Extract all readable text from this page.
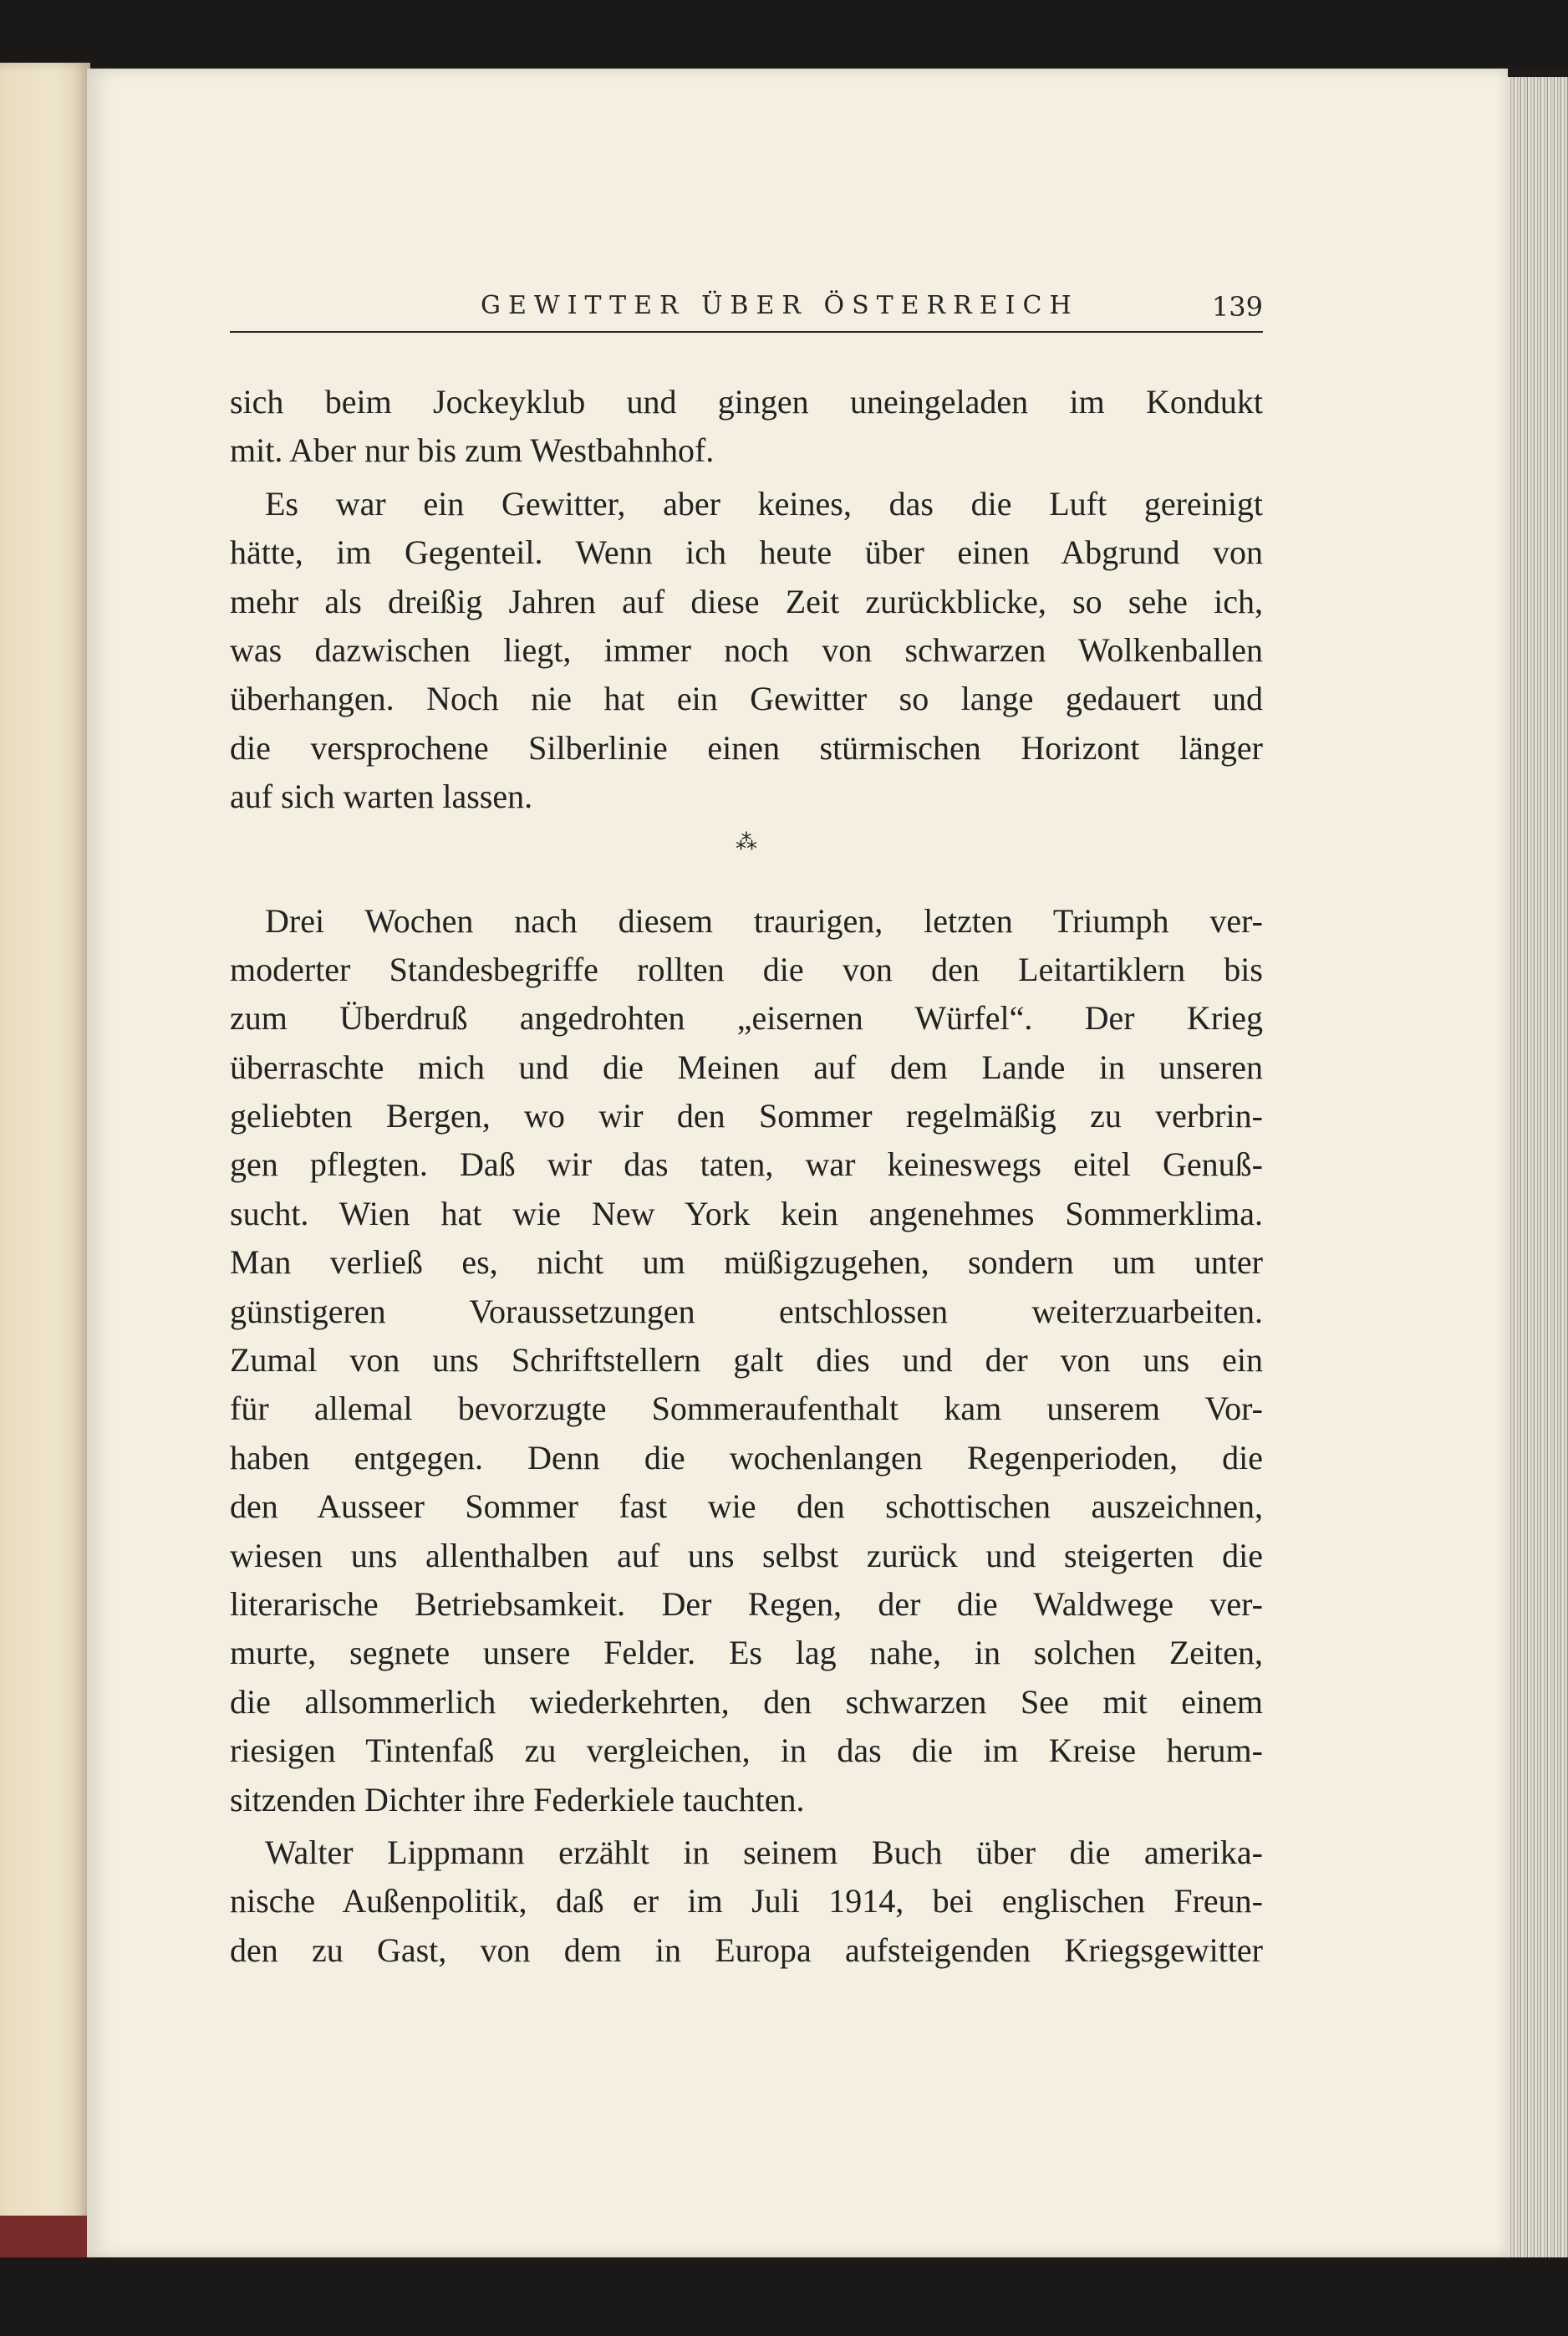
GEWITTER ÜBER ÖSTERREICH	139
sich beim Jockeyklub und gingen uneingeladen im Kondukt
mit. Aber nur bis zum Westbahnhof.
Es war ein Gewitter, aber keines, das die Luft gereinigt
hätte, im Gegenteil. Wenn ich heute über einen Abgrund von
mehr als dreißig Jahren auf diese Zeit zurückblicke, so sehe ich,
was dazwischen liegt, immer noch von schwarzen Wolkenballen
überhangen. Noch nie hat ein Gewitter so lange gedauert und
die versprochene Silberlinie einen stürmischen Horizont länger
auf sich warten lassen.
⁂
Drei Wochen nach diesem traurigen, letzten Triumph ver-
moderter Standesbegriffe rollten die von den Leitartiklern bis
zum Überdruß angedrohten „eisernen Würfel“. Der Krieg
überraschte mich und die Meinen auf dem Lande in unseren
geliebten Bergen, wo wir den Sommer regelmäßig zu verbrin-
gen pflegten. Daß wir das taten, war keineswegs eitel Genuß-
sucht. Wien hat wie New York kein angenehmes Sommerklima.
Man verließ es, nicht um müßigzugehen, sondern um unter
günstigeren Voraussetzungen entschlossen weiterzuarbeiten.
Zumal von uns Schriftstellern galt dies und der von uns ein
für allemal bevorzugte Sommeraufenthalt kam unserem Vor-
haben entgegen. Denn die wochenlangen Regenperioden, die
den Ausseer Sommer fast wie den schottischen auszeichnen,
wiesen uns allenthalben auf uns selbst zurück und steigerten die
literarische Betriebsamkeit. Der Regen, der die Waldwege ver-
murte, segnete unsere Felder. Es lag nahe, in solchen Zeiten,
die allsommerlich wiederkehrten, den schwarzen See mit einem
riesigen Tintenfaß zu vergleichen, in das die im Kreise herum-
sitzenden Dichter ihre Federkiele tauchten.
Walter Lippmann erzählt in seinem Buch über die amerika-
nische Außenpolitik, daß er im Juli 1914, bei englischen Freun-
den zu Gast, von dem in Europa aufsteigenden Kriegsgewitter
